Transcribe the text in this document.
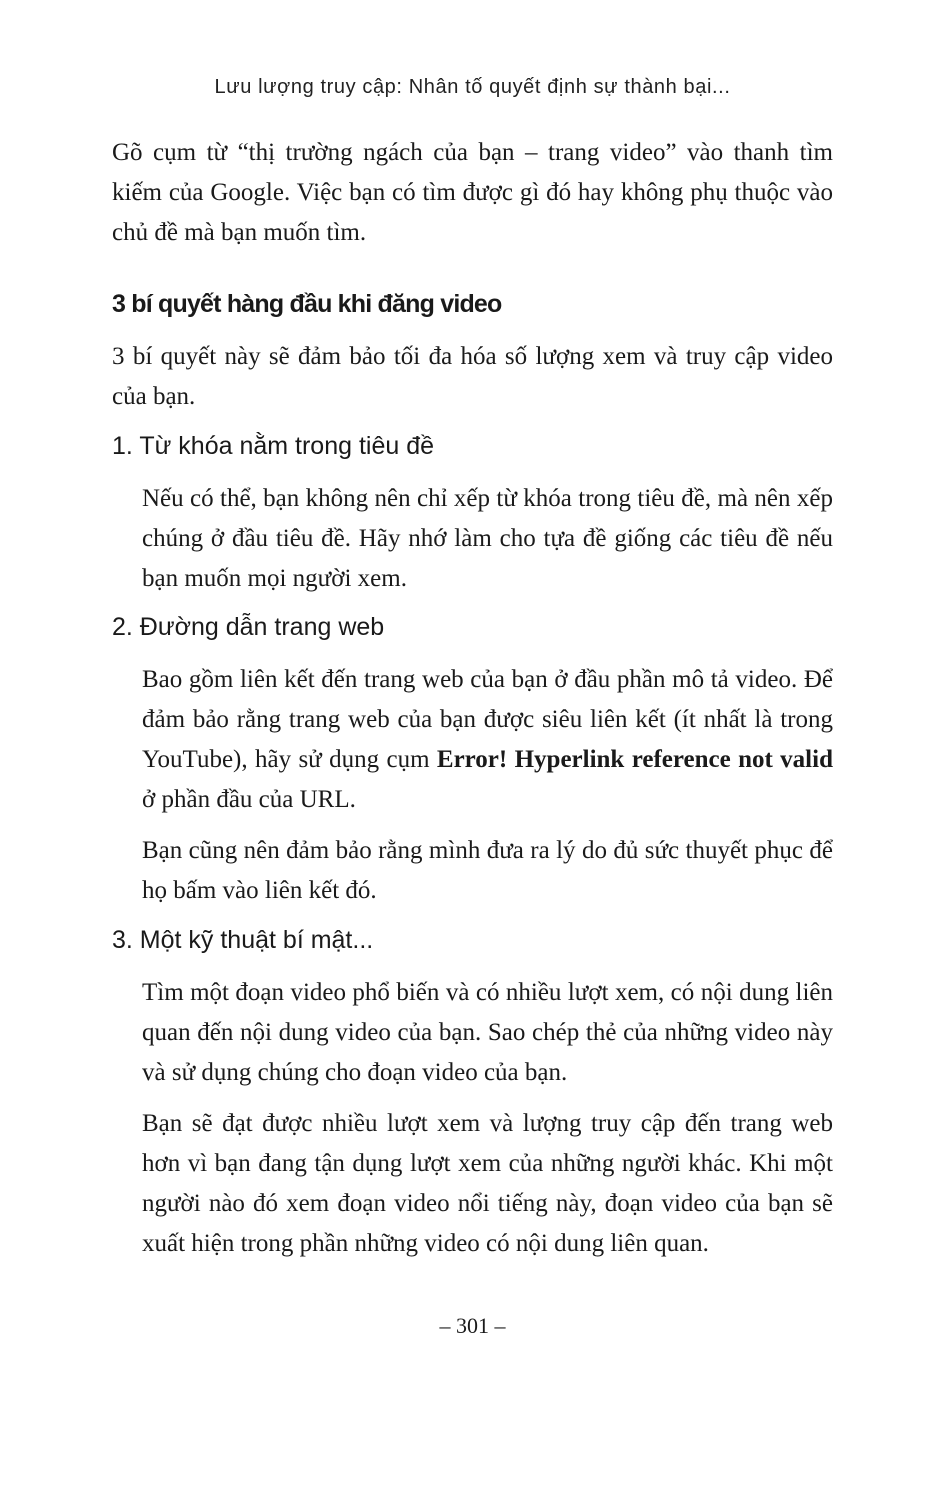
Lưu lượng truy cập: Nhân tố quyết định sự thành bại...

Gõ cụm từ “thị trường ngách của bạn – trang video” vào thanh tìm kiếm của Google. Việc bạn có tìm được gì đó hay không phụ thuộc vào chủ đề mà bạn muốn tìm.

3 bí quyết hàng đầu khi đăng video

3 bí quyết này sẽ đảm bảo tối đa hóa số lượng xem và truy cập video của bạn.

1. Từ khóa nằm trong tiêu đề

Nếu có thể, bạn không nên chỉ xếp từ khóa trong tiêu đề, mà nên xếp chúng ở đầu tiêu đề. Hãy nhớ làm cho tựa đề giống các tiêu đề nếu bạn muốn mọi người xem.

2. Đường dẫn trang web

Bao gồm liên kết đến trang web của bạn ở đầu phần mô tả video. Để đảm bảo rằng trang web của bạn được siêu liên kết (ít nhất là trong YouTube), hãy sử dụng cụm Error! Hyperlink reference not valid ở phần đầu của URL.

Bạn cũng nên đảm bảo rằng mình đưa ra lý do đủ sức thuyết phục để họ bấm vào liên kết đó.

3. Một kỹ thuật bí mật...

Tìm một đoạn video phổ biến và có nhiều lượt xem, có nội dung liên quan đến nội dung video của bạn. Sao chép thẻ của những video này và sử dụng chúng cho đoạn video của bạn.

Bạn sẽ đạt được nhiều lượt xem và lượng truy cập đến trang web hơn vì bạn đang tận dụng lượt xem của những người khác. Khi một người nào đó xem đoạn video nổi tiếng này, đoạn video của bạn sẽ xuất hiện trong phần những video có nội dung liên quan.

– 301 –
